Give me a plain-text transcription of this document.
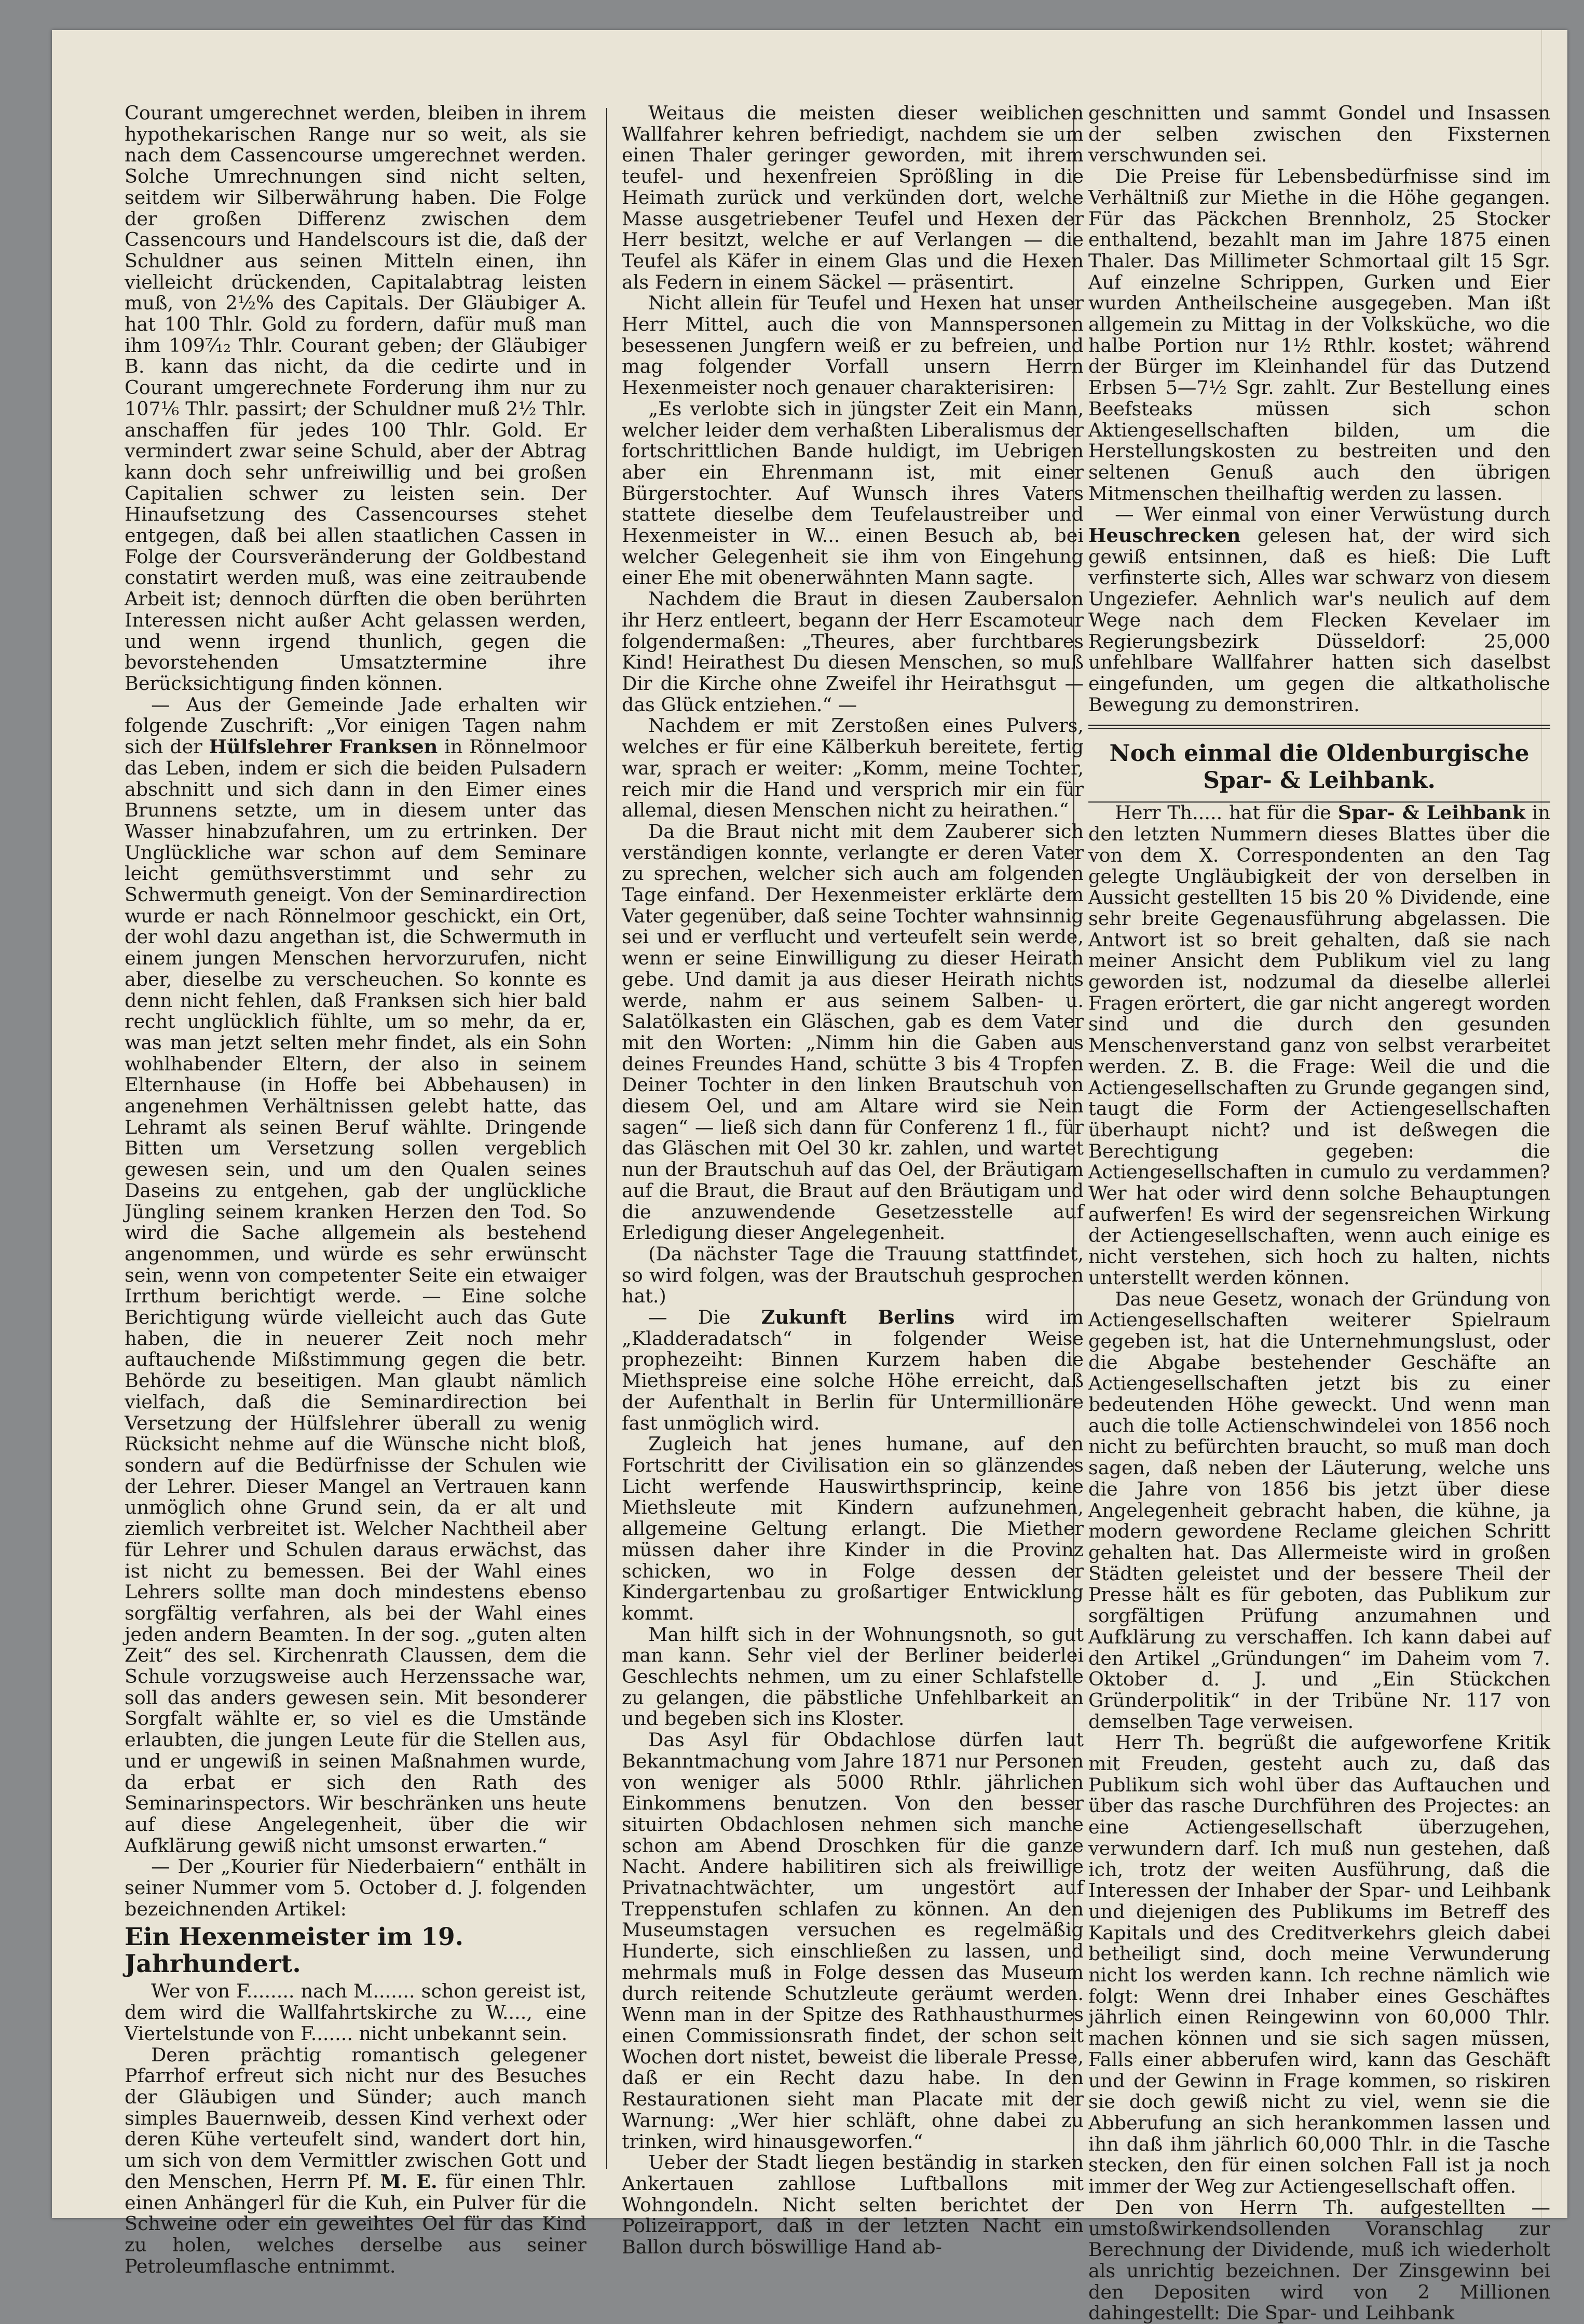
Courant umgerechnet werden, bleiben in ihrem hypothekarischen Range nur so weit, als sie nach dem Cassencourse umgerechnet werden. Solche Umrechnungen sind nicht selten, seitdem wir Silberwährung haben. Die Folge der großen Differenz zwischen dem Cassencours und Handelscours ist die, daß der Schuldner aus seinen Mitteln einen, ihn vielleicht drückenden, Capitalabtrag leisten muß, von 2½% des Capitals. Der Gläubiger A. hat 100 Thlr. Gold zu fordern, dafür muß man ihm 109⁷⁄₁₂ Thlr. Courant geben; der Gläubiger B. kann das nicht, da die cedirte und in Courant umgerechnete Forderung ihm nur zu 107⅙ Thlr. passirt; der Schuldner muß 2½ Thlr. anschaffen für jedes 100 Thlr. Gold. Er vermindert zwar seine Schuld, aber der Abtrag kann doch sehr unfreiwillig und bei großen Capitalien schwer zu leisten sein. Der Hinaufsetzung des Cassencourses stehet entgegen, daß bei allen staatlichen Cassen in Folge der Coursveränderung der Goldbestand constatirt werden muß, was eine zeitraubende Arbeit ist; dennoch dürften die oben berührten Interessen nicht außer Acht gelassen werden, und wenn irgend thunlich, gegen die bevorstehenden Umsatztermine ihre Berücksichtigung finden können.

— Aus der Gemeinde Jade erhalten wir folgende Zuschrift: „Vor einigen Tagen nahm sich der Hülfslehrer Franksen in Rönnelmoor das Leben, indem er sich die beiden Pulsadern abschnitt und sich dann in den Eimer eines Brunnens setzte, um in diesem unter das Wasser hinabzufahren, um zu ertrinken. Der Unglückliche war schon auf dem Seminare leicht gemüthsverstimmt und sehr zu Schwermuth geneigt. Von der Seminardirection wurde er nach Rönnelmoor geschickt, ein Ort, der wohl dazu angethan ist, die Schwermuth in einem jungen Menschen hervorzurufen, nicht aber, dieselbe zu verscheuchen. So konnte es denn nicht fehlen, daß Franksen sich hier bald recht unglücklich fühlte, um so mehr, da er, was man jetzt selten mehr findet, als ein Sohn wohlhabender Eltern, der also in seinem Elternhause (in Hoffe bei Abbehausen) in angenehmen Verhältnissen gelebt hatte, das Lehramt als seinen Beruf wählte. Dringende Bitten um Versetzung sollen vergeblich gewesen sein, und um den Qualen seines Daseins zu entgehen, gab der unglückliche Jüngling seinem kranken Herzen den Tod. So wird die Sache allgemein als bestehend angenommen, und würde es sehr erwünscht sein, wenn von competenter Seite ein etwaiger Irrthum berichtigt werde. — Eine solche Berichtigung würde vielleicht auch das Gute haben, die in neuerer Zeit noch mehr auftauchende Mißstimmung gegen die betr. Behörde zu beseitigen. Man glaubt nämlich vielfach, daß die Seminardirection bei Versetzung der Hülfslehrer überall zu wenig Rücksicht nehme auf die Wünsche nicht bloß, sondern auf die Bedürfnisse der Schulen wie der Lehrer. Dieser Mangel an Vertrauen kann unmöglich ohne Grund sein, da er alt und ziemlich verbreitet ist. Welcher Nachtheil aber für Lehrer und Schulen daraus erwächst, das ist nicht zu bemessen. Bei der Wahl eines Lehrers sollte man doch mindestens ebenso sorgfältig verfahren, als bei der Wahl eines jeden andern Beamten. In der sog. „guten alten Zeit“ des sel. Kirchenrath Claussen, dem die Schule vorzugsweise auch Herzenssache war, soll das anders gewesen sein. Mit besonderer Sorgfalt wählte er, so viel es die Umstände erlaubten, die jungen Leute für die Stellen aus, und er ungewiß in seinen Maßnahmen wurde, da erbat er sich den Rath des Seminarinspectors. Wir beschränken uns heute auf diese Angelegenheit, über die wir Aufklärung gewiß nicht umsonst erwarten.“

— Der „Kourier für Niederbaiern“ enthält in seiner Nummer vom 5. October d. J. folgenden bezeichnenden Artikel:

Ein Hexenmeister im 19. Jahrhundert.

Wer von F........ nach M....... schon gereist ist, dem wird die Wallfahrtskirche zu W...., eine Viertelstunde von F....... nicht unbekannt sein.

Deren prächtig romantisch gelegener Pfarrhof erfreut sich nicht nur des Besuches der Gläubigen und Sünder; auch manch simples Bauernweib, dessen Kind verhext oder deren Kühe verteufelt sind, wandert dort hin, um sich von dem Vermittler zwischen Gott und den Menschen, Herrn Pf. M. E. für einen Thlr. einen Anhängerl für die Kuh, ein Pulver für die Schweine oder ein geweihtes Oel für das Kind zu holen, welches derselbe aus seiner Petroleumflasche entnimmt.

Weitaus die meisten dieser weiblichen Wallfahrer kehren befriedigt, nachdem sie um einen Thaler geringer geworden, mit ihrem teufel- und hexenfreien Sprößling in die Heimath zurück und verkünden dort, welche Masse ausgetriebener Teufel und Hexen der Herr besitzt, welche er auf Verlangen — die Teufel als Käfer in einem Glas und die Hexen als Federn in einem Säckel — präsentirt.

Nicht allein für Teufel und Hexen hat unser Herr Mittel, auch die von Mannspersonen besessenen Jungfern weiß er zu befreien, und mag folgender Vorfall unsern Herrn Hexenmeister noch genauer charakterisiren:

„Es verlobte sich in jüngster Zeit ein Mann, welcher leider dem verhaßten Liberalismus der fortschrittlichen Bande huldigt, im Uebrigen aber ein Ehrenmann ist, mit einer Bürgerstochter. Auf Wunsch ihres Vaters stattete dieselbe dem Teufelaustreiber und Hexenmeister in W... einen Besuch ab, bei welcher Gelegenheit sie ihm von Eingehung einer Ehe mit obenerwähnten Mann sagte.

Nachdem die Braut in diesen Zaubersalon ihr Herz entleert, begann der Herr Escamoteur folgendermaßen: „Theures, aber furchtbares Kind! Heirathest Du diesen Menschen, so muß Dir die Kirche ohne Zweifel ihr Heirathsgut — das Glück entziehen.“ —

Nachdem er mit Zerstoßen eines Pulvers, welches er für eine Kälberkuh bereitete, fertig war, sprach er weiter: „Komm, meine Tochter, reich mir die Hand und versprich mir ein für allemal, diesen Menschen nicht zu heirathen.“

Da die Braut nicht mit dem Zauberer sich verständigen konnte, verlangte er deren Vater zu sprechen, welcher sich auch am folgenden Tage einfand. Der Hexenmeister erklärte dem Vater gegenüber, daß seine Tochter wahnsinnig sei und er verflucht und verteufelt sein werde, wenn er seine Einwilligung zu dieser Heirath gebe. Und damit ja aus dieser Heirath nichts werde, nahm er aus seinem Salben- u. Salatölkasten ein Gläschen, gab es dem Vater mit den Worten: „Nimm hin die Gaben aus deines Freundes Hand, schütte 3 bis 4 Tropfen Deiner Tochter in den linken Brautschuh von diesem Oel, und am Altare wird sie Nein sagen“ — ließ sich dann für Conferenz 1 fl., für das Gläschen mit Oel 30 kr. zahlen, und wartet nun der Brautschuh auf das Oel, der Bräutigam auf die Braut, die Braut auf den Bräutigam und die anzuwendende Gesetzesstelle auf Erledigung dieser Angelegenheit.

(Da nächster Tage die Trauung stattfindet, so wird folgen, was der Brautschuh gesprochen hat.)

— Die Zukunft Berlins wird im „Kladderadatsch“ in folgender Weise prophezeiht: Binnen Kurzem haben die Miethspreise eine solche Höhe erreicht, daß der Aufenthalt in Berlin für Untermillionäre fast unmöglich wird.

Zugleich hat jenes humane, auf den Fortschritt der Civilisation ein so glänzendes Licht werfende Hauswirthsprincip, keine Miethsleute mit Kindern aufzunehmen, allgemeine Geltung erlangt. Die Miether müssen daher ihre Kinder in die Provinz schicken, wo in Folge dessen der Kindergartenbau zu großartiger Entwicklung kommt.

Man hilft sich in der Wohnungsnoth, so gut man kann. Sehr viel der Berliner beiderlei Geschlechts nehmen, um zu einer Schlafstelle zu gelangen, die päbstliche Unfehlbarkeit an und begeben sich ins Kloster.

Das Asyl für Obdachlose dürfen laut Bekanntmachung vom Jahre 1871 nur Personen von weniger als 5000 Rthlr. jährlichen Einkommens benutzen. Von den besser situirten Obdachlosen nehmen sich manche schon am Abend Droschken für die ganze Nacht. Andere habilitiren sich als freiwillige Privatnachtwächter, um ungestört auf Treppenstufen schlafen zu können. An den Museumstagen versuchen es regelmäßig Hunderte, sich einschließen zu lassen, und mehrmals muß in Folge dessen das Museum durch reitende Schutzleute geräumt werden. Wenn man in der Spitze des Rathhausthurmes einen Commissionsrath findet, der schon seit Wochen dort nistet, beweist die liberale Presse, daß er ein Recht dazu habe. In den Restaurationen sieht man Placate mit der Warnung: „Wer hier schläft, ohne dabei zu trinken, wird hinausgeworfen.“

Ueber der Stadt liegen beständig in starken Ankertauen zahllose Luftballons mit Wohngondeln. Nicht selten berichtet der Polizeirapport, daß in der letzten Nacht ein Ballon durch böswillige Hand ab-

geschnitten und sammt Gondel und Insassen der selben zwischen den Fixsternen verschwunden sei.

Die Preise für Lebensbedürfnisse sind im Verhältniß zur Miethe in die Höhe gegangen. Für das Päckchen Brennholz, 25 Stocker enthaltend, bezahlt man im Jahre 1875 einen Thaler. Das Millimeter Schmortaal gilt 15 Sgr. Auf einzelne Schrippen, Gurken und Eier wurden Antheilscheine ausgegeben. Man ißt allgemein zu Mittag in der Volksküche, wo die halbe Portion nur 1½ Rthlr. kostet; während der Bürger im Kleinhandel für das Dutzend Erbsen 5—7½ Sgr. zahlt. Zur Bestellung eines Beefsteaks müssen sich schon Aktiengesellschaften bilden, um die Herstellungskosten zu bestreiten und den seltenen Genuß auch den übrigen Mitmenschen theilhaftig werden zu lassen.

— Wer einmal von einer Verwüstung durch Heuschrecken gelesen hat, der wird sich gewiß entsinnen, daß es hieß: Die Luft verfinsterte sich, Alles war schwarz von diesem Ungeziefer. Aehnlich war's neulich auf dem Wege nach dem Flecken Kevelaer im Regierungsbezirk Düsseldorf: 25,000 unfehlbare Wallfahrer hatten sich daselbst eingefunden, um gegen die altkatholische Bewegung zu demonstriren.

Noch einmal die Oldenburgische Spar- & Leihbank.

Herr Th..... hat für die Spar- & Leihbank in den letzten Nummern dieses Blattes über die von dem X. Correspondenten an den Tag gelegte Ungläubigkeit der von derselben in Aussicht gestellten 15 bis 20 % Dividende, eine sehr breite Gegenausführung abgelassen. Die Antwort ist so breit gehalten, daß sie nach meiner Ansicht dem Publikum viel zu lang geworden ist, nodzumal da dieselbe allerlei Fragen erörtert, die gar nicht angeregt worden sind und die durch den gesunden Menschenverstand ganz von selbst verarbeitet werden. Z. B. die Frage: Weil die und die Actiengesellschaften zu Grunde gegangen sind, taugt die Form der Actiengesellschaften überhaupt nicht? und ist deßwegen die Berechtigung gegeben: die Actiengesellschaften in cumulo zu verdammen? Wer hat oder wird denn solche Behauptungen aufwerfen! Es wird der segensreichen Wirkung der Actiengesellschaften, wenn auch einige es nicht verstehen, sich hoch zu halten, nichts unterstellt werden können.

Das neue Gesetz, wonach der Gründung von Actiengesellschaften weiterer Spielraum gegeben ist, hat die Unternehmungslust, oder die Abgabe bestehender Geschäfte an Actiengesellschaften jetzt bis zu einer bedeutenden Höhe geweckt. Und wenn man auch die tolle Actienschwindelei von 1856 noch nicht zu befürchten braucht, so muß man doch sagen, daß neben der Läuterung, welche uns die Jahre von 1856 bis jetzt über diese Angelegenheit gebracht haben, die kühne, ja modern gewordene Reclame gleichen Schritt gehalten hat. Das Allermeiste wird in großen Städten geleistet und der bessere Theil der Presse hält es für geboten, das Publikum zur sorgfältigen Prüfung anzumahnen und Aufklärung zu verschaffen. Ich kann dabei auf den Artikel „Gründungen“ im Daheim vom 7. Oktober d. J. und „Ein Stückchen Gründerpolitik“ in der Tribüne Nr. 117 von demselben Tage verweisen.

Herr Th. begrüßt die aufgeworfene Kritik mit Freuden, gesteht auch zu, daß das Publikum sich wohl über das Auftauchen und über das rasche Durchführen des Projectes: an eine Actiengesellschaft überzugehen, verwundern darf. Ich muß nun gestehen, daß ich, trotz der weiten Ausführung, daß die Interessen der Inhaber der Spar- und Leihbank und diejenigen des Publikums im Betreff des Kapitals und des Creditverkehrs gleich dabei betheiligt sind, doch meine Verwunderung nicht los werden kann. Ich rechne nämlich wie folgt: Wenn drei Inhaber eines Geschäftes jährlich einen Reingewinn von 60,000 Thlr. machen können und sie sich sagen müssen, Falls einer abberufen wird, kann das Geschäft und der Gewinn in Frage kommen, so riskiren sie doch gewiß nicht zu viel, wenn sie die Abberufung an sich herankommen lassen und ihn daß ihm jährlich 60,000 Thlr. in die Tasche stecken, den für einen solchen Fall ist ja noch immer der Weg zur Actiengesellschaft offen.

Den von Herrn Th. aufgestellten — umstoßwirkendsollenden Voranschlag zur Berechnung der Dividende, muß ich wiederholt als unrichtig bezeichnen. Der Zinsgewinn bei den Depositen wird von 2 Millionen dahingestellt: Die Spar- und Leihbank
